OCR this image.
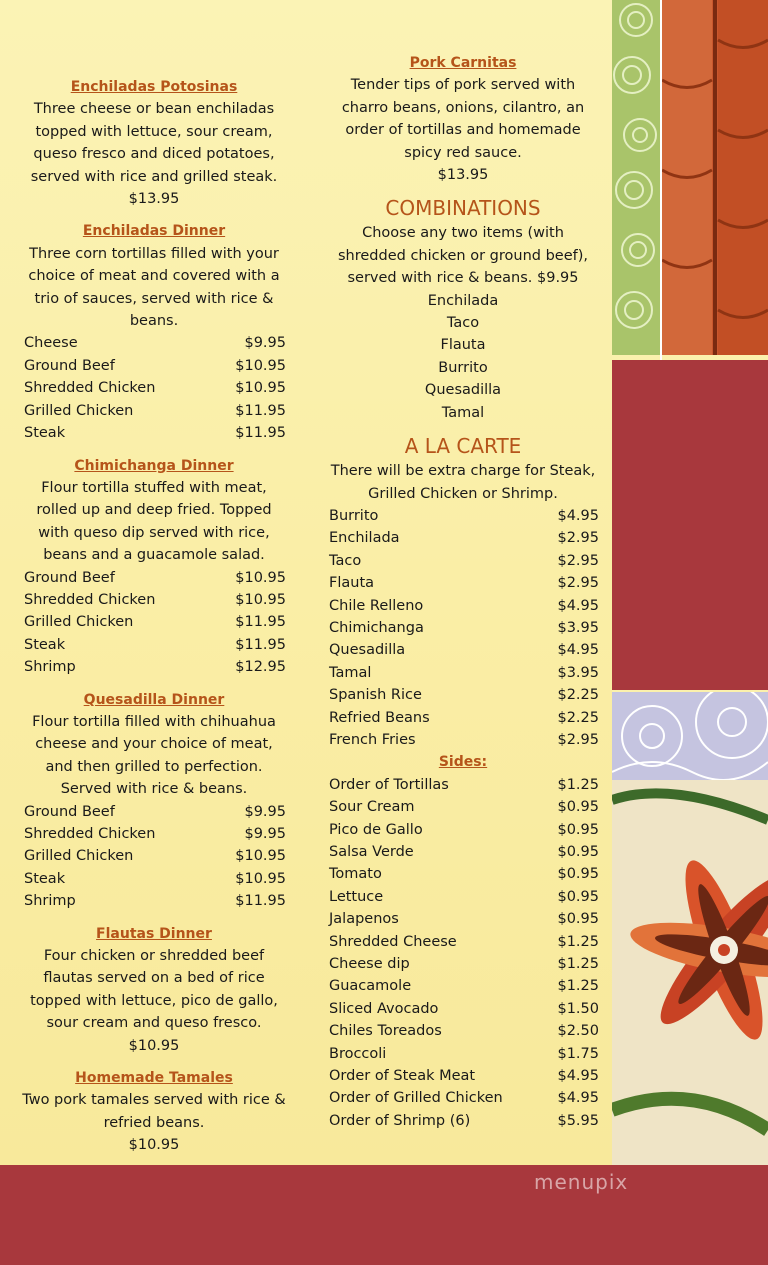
menupix
Enchiladas Potosinas
Three cheese or bean enchiladas topped with lettuce, sour cream, queso fresco and diced potatoes, served with rice and grilled steak.
$13.95
Enchiladas Dinner
Three corn tortillas filled with your choice of meat and covered with a trio of sauces, served with rice & beans.
Cheese	$9.95
Ground Beef	$10.95
Shredded Chicken	$10.95
Grilled Chicken	$11.95
Steak	$11.95
Chimichanga Dinner
Flour tortilla stuffed with meat, rolled up and deep fried. Topped with queso dip served with rice, beans and a guacamole salad.
Ground Beef	$10.95
Shredded Chicken	$10.95
Grilled Chicken	$11.95
Steak	$11.95
Shrimp	$12.95
Quesadilla Dinner
Flour tortilla filled with chihuahua cheese and your choice of meat, and then grilled to perfection. Served with rice & beans.
Ground Beef	$9.95
Shredded Chicken	$9.95
Grilled Chicken	$10.95
Steak	$10.95
Shrimp	$11.95
Flautas Dinner
Four chicken or shredded beef flautas served on a bed of rice topped with lettuce, pico de gallo, sour cream and queso fresco.
$10.95
Homemade Tamales
Two pork tamales served with rice & refried beans.
$10.95
Pork Carnitas
Tender tips of pork served with charro beans, onions, cilantro, an order of tortillas and homemade spicy red sauce.
$13.95
COMBINATIONS
Choose any two items (with shredded chicken or ground beef), served with rice & beans. $9.95
Enchilada
Taco
Flauta
Burrito
Quesadilla
Tamal
A LA CARTE
There will be extra charge for Steak, Grilled Chicken or Shrimp.
Burrito	$4.95
Enchilada	$2.95
Taco	$2.95
Flauta	$2.95
Chile Relleno	$4.95
Chimichanga	$3.95
Quesadilla	$4.95
Tamal	$3.95
Spanish Rice	$2.25
Refried Beans	$2.25
French Fries	$2.95
Sides:
Order of Tortillas	$1.25
Sour Cream	$0.95
Pico de Gallo	$0.95
Salsa Verde	$0.95
Tomato	$0.95
Lettuce	$0.95
Jalapenos	$0.95
Shredded Cheese	$1.25
Cheese dip	$1.25
Guacamole	$1.25
Sliced Avocado	$1.50
Chiles Toreados	$2.50
Broccoli	$1.75
Order of Steak Meat	$4.95
Order of Grilled Chicken	$4.95
Order of Shrimp (6)	$5.95
